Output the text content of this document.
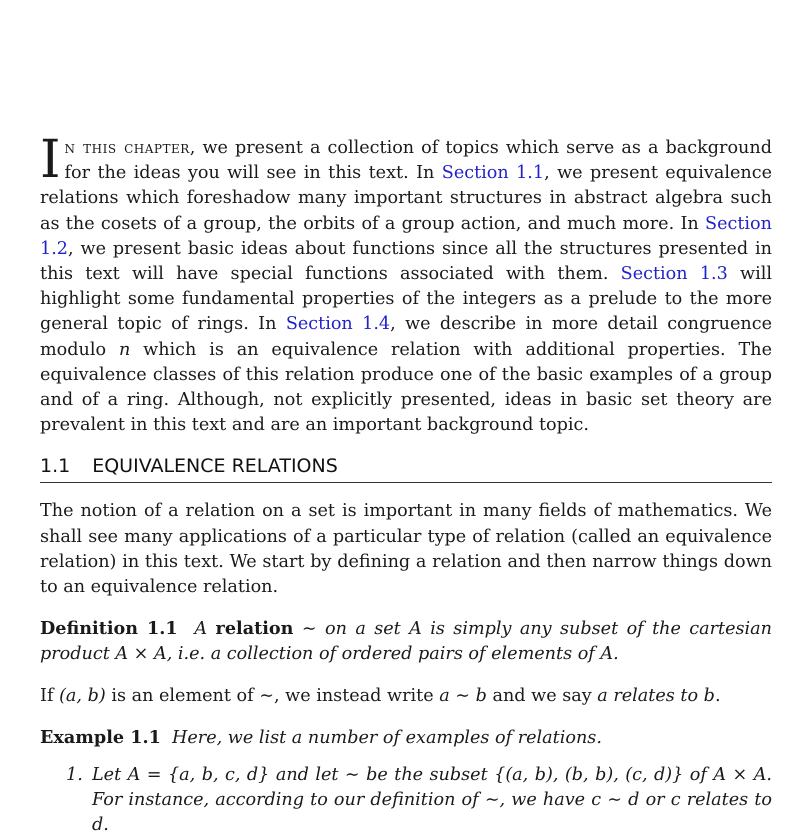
In this chapter, we present a collection of topics which serve as a background for the ideas you will see in this text. In Section 1.1, we present equivalence relations which foreshadow many important structures in abstract algebra such as the cosets of a group, the orbits of a group action, and much more. In Section 1.2, we present basic ideas about functions since all the structures presented in this text will have special functions associated with them. Section 1.3 will highlight some fundamental properties of the integers as a prelude to the more general topic of rings. In Section 1.4, we describe in more detail congruence modulo n which is an equivalence relation with additional properties. The equivalence classes of this relation produce one of the basic examples of a group and of a ring. Although, not explicitly presented, ideas in basic set theory are prevalent in this text and are an important background topic.

1.1 EQUIVALENCE RELATIONS

The notion of a relation on a set is important in many fields of mathematics. We shall see many applications of a particular type of relation (called an equivalence relation) in this text. We start by defining a relation and then narrow things down to an equivalence relation.

Definition 1.1 A relation ∼ on a set A is simply any subset of the cartesian product A × A, i.e. a collection of ordered pairs of elements of A.

If (a, b) is an element of ∼, we instead write a ∼ b and we say a relates to b.

Example 1.1 Here, we list a number of examples of relations.

1. Let A = {a, b, c, d} and let ∼ be the subset {(a, b), (b, b), (c, d)} of A × A. For instance, according to our definition of ∼, we have c ∼ d or c relates to d.
